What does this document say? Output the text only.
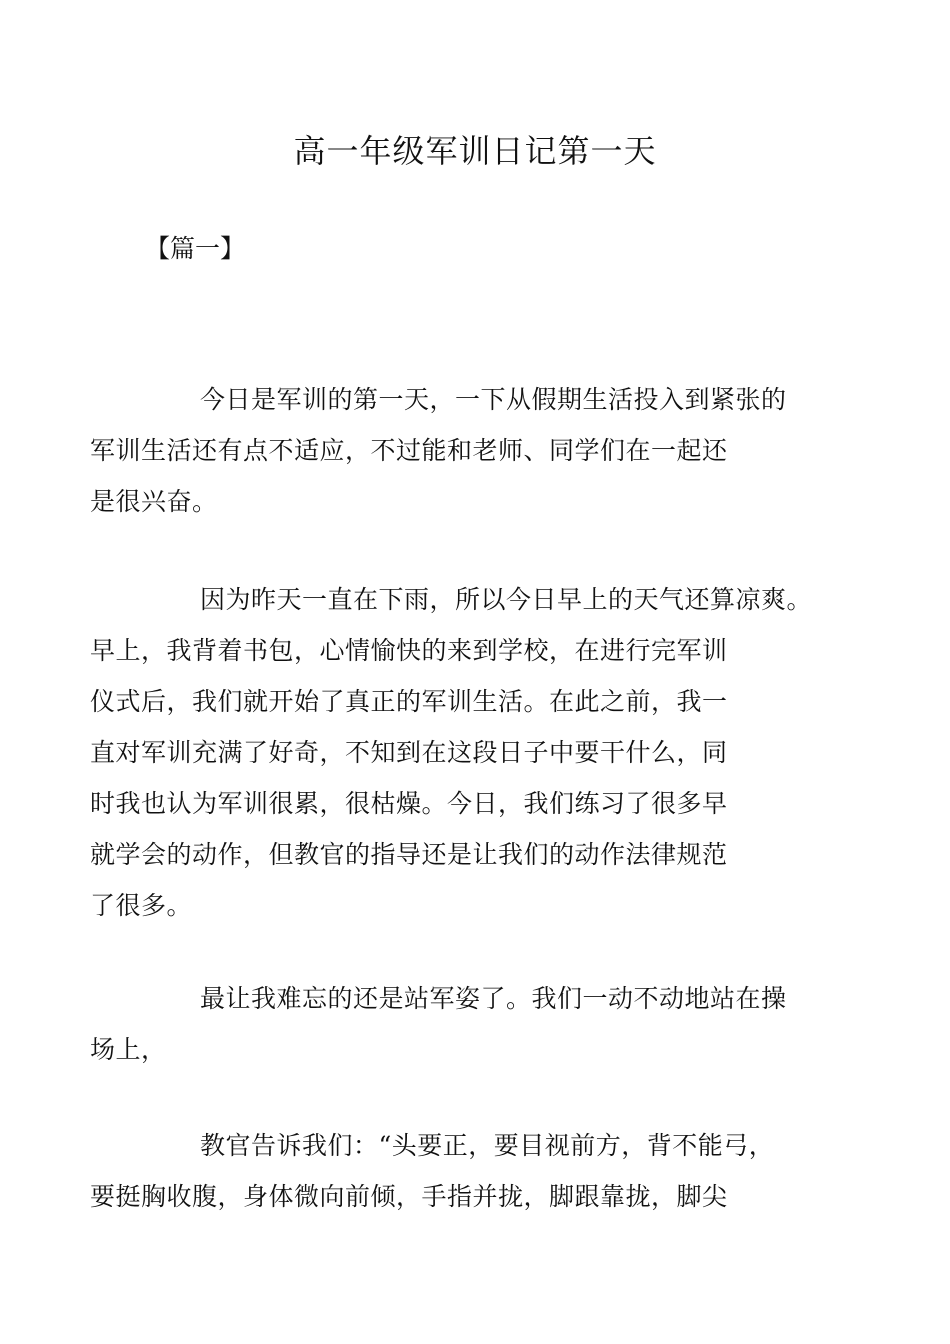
高一年级军训日记第一天

【篇一】

今日是军训的第一天，一下从假期生活投入到紧张的
军训生活还有点不适应，不过能和老师、同学们在一起还
是很兴奋。
因为昨天一直在下雨，所以今日早上的天气还算凉爽。
早上，我背着书包，心情愉快的来到学校，在进行完军训
仪式后，我们就开始了真正的军训生活。在此之前，我一
直对军训充满了好奇，不知到在这段日子中要干什么，同
时我也认为军训很累，很枯燥。今日，我们练习了很多早
就学会的动作，但教官的指导还是让我们的动作法律规范
了很多。
最让我难忘的还是站军姿了。我们一动不动地站在操
场上，
教官告诉我们：“头要正，要目视前方，背不能弓，
要挺胸收腹，身体微向前倾，手指并拢，脚跟靠拢，脚尖
